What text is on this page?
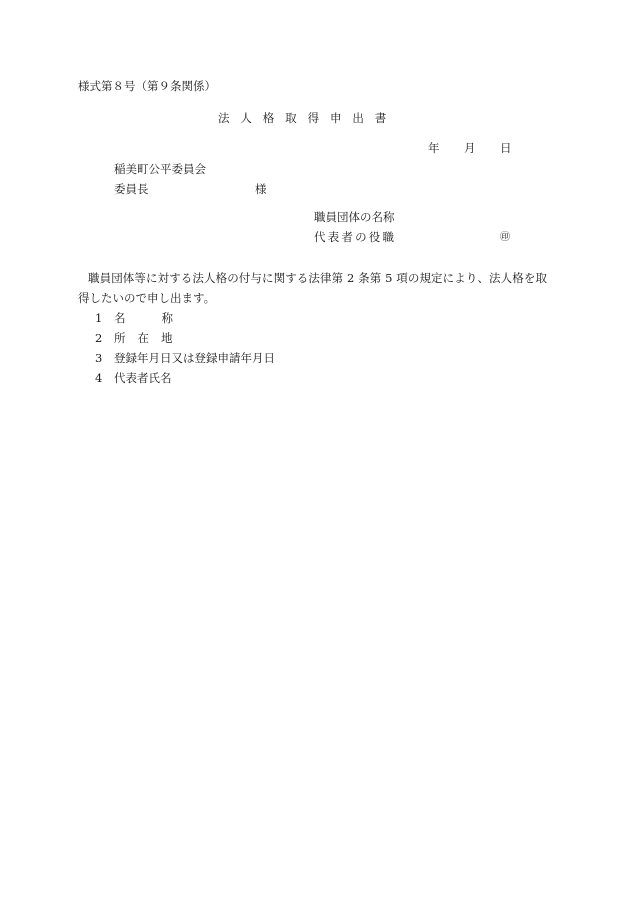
様式第８号（第９条関係）
法 人 格 取 得 申 出 書
年	月	日
稲美町公平委員会
委員長	様
職員団体の名称
代表者の役職	㊞
職員団体等に対する法人格の付与に関する法律第 2 条第 5 項の規定により、法人格を取
得したいので申し出ます。
1	名称
2	所在地
3	登録年月日又は登録申請年月日
4	代表者氏名
